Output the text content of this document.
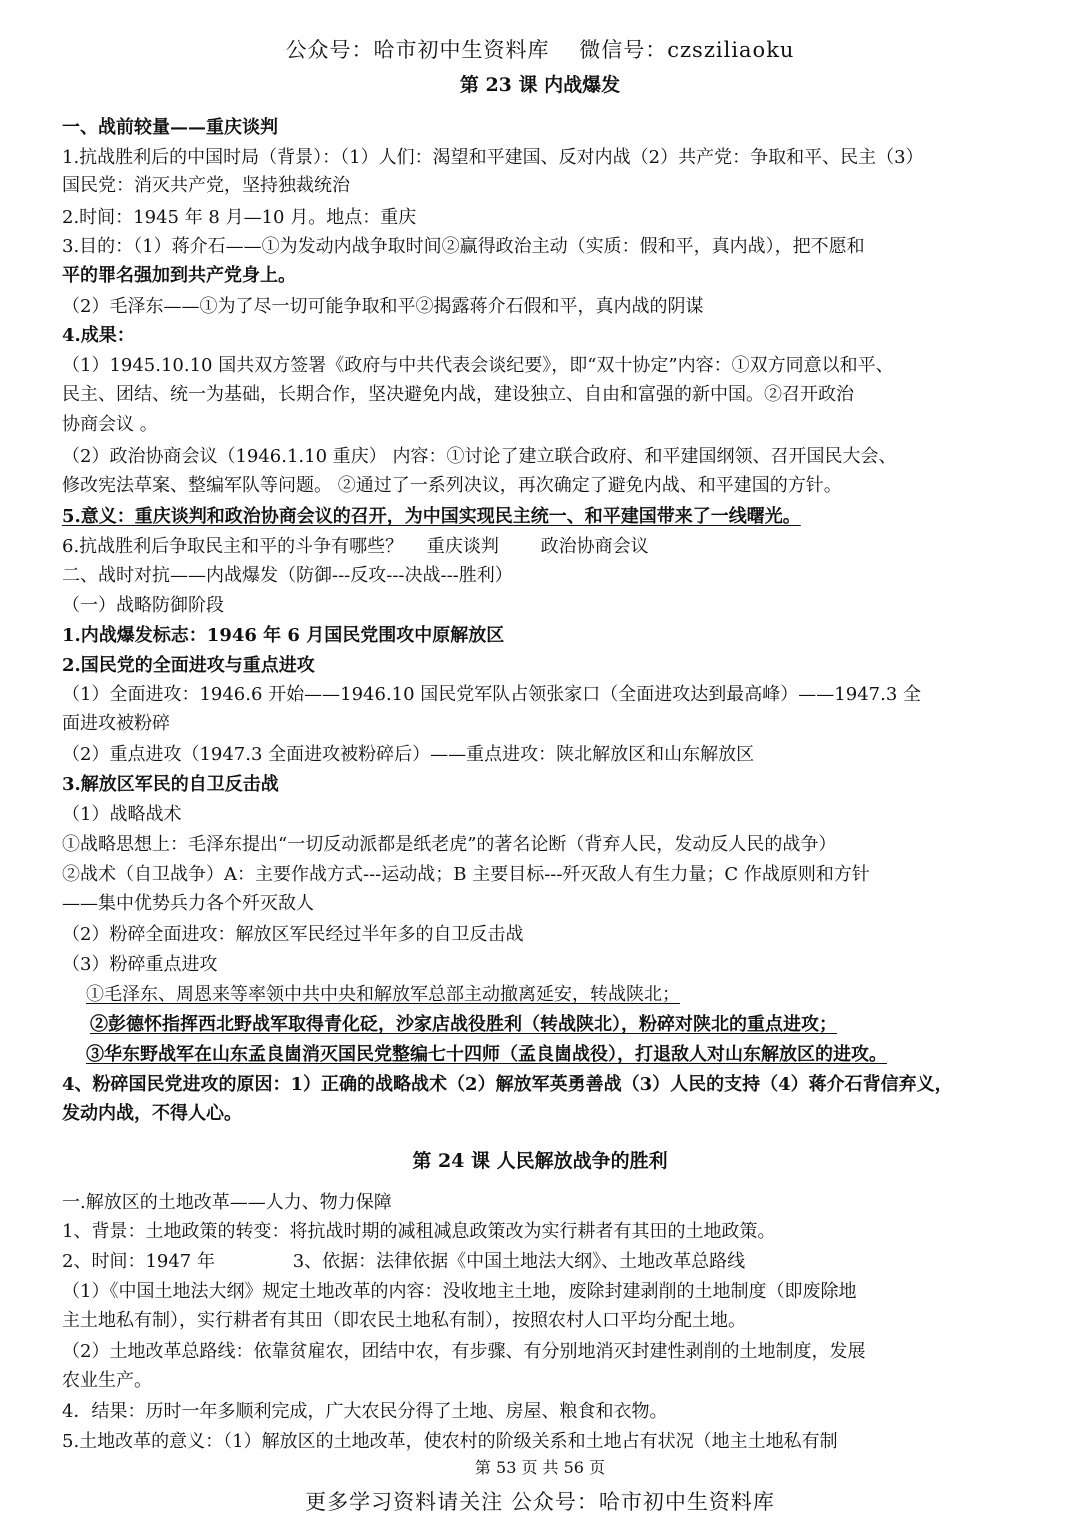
公众号：哈市初中生资料库　 微信号：czsziliaoku
第 23 课 内战爆发
一、战前较量——重庆谈判
1.抗战胜利后的中国时局（背景）：（1）人们：渴望和平建国、反对内战（2）共产党：争取和平、民主（3）
国民党：消灭共产党，坚持独裁统治
2.时间：1945 年 8 月—10 月。地点：重庆
3.目的：（1）蒋介石——①为发动内战争取时间②赢得政治主动（实质：假和平，真内战），把不愿和
平的罪名强加到共产党身上。
（2）毛泽东——①为了尽一切可能争取和平②揭露蒋介石假和平，真内战的阴谋
4.成果：
（1）1945.10.10 国共双方签署《政府与中共代表会谈纪要》，即“双十协定”内容：①双方同意以和平、
民主、团结、统一为基础，长期合作，坚决避免内战，建设独立、自由和富强的新中国。②召开政治
协商会议 。
（2）政治协商会议（1946.1.10 重庆） 内容：①讨论了建立联合政府、和平建国纲领、召开国民大会、
修改宪法草案、整编军队等问题。 ②通过了一系列决议，再次确定了避免内战、和平建国的方针。
5.意义：重庆谈判和政治协商会议的召开，为中国实现民主统一、和平建国带来了一线曙光。
6.抗战胜利后争取民主和平的斗争有哪些？　 重庆谈判　　 政治协商会议
二、战时对抗——内战爆发（防御---反攻---决战---胜利）
（一）战略防御阶段
1.内战爆发标志：1946 年 6 月国民党围攻中原解放区
2.国民党的全面进攻与重点进攻
（1）全面进攻：1946.6 开始——1946.10 国民党军队占领张家口（全面进攻达到最高峰）——1947.3 全
面进攻被粉碎
（2）重点进攻（1947.3 全面进攻被粉碎后）——重点进攻：陕北解放区和山东解放区
3.解放区军民的自卫反击战
（1）战略战术
①战略思想上：毛泽东提出“一切反动派都是纸老虎”的著名论断（背弃人民，发动反人民的战争）
②战术（自卫战争）A：主要作战方式---运动战；B 主要目标---歼灭敌人有生力量；C 作战原则和方针
——集中优势兵力各个歼灭敌人
（2）粉碎全面进攻：解放区军民经过半年多的自卫反击战
（3）粉碎重点进攻
①毛泽东、周恩来等率领中共中央和解放军总部主动撤离延安，转战陕北；
②彭德怀指挥西北野战军取得青化砭，沙家店战役胜利（转战陕北），粉碎对陕北的重点进攻；
③华东野战军在山东孟良崮消灭国民党整编七十四师（孟良崮战役），打退敌人对山东解放区的进攻。
4、粉碎国民党进攻的原因：1）正确的战略战术（2）解放军英勇善战（3）人民的支持（4）蒋介石背信弃义，
发动内战，不得人心。
第 24 课 人民解放战争的胜利
一.解放区的土地改革——人力、物力保障
1、背景：土地政策的转变：将抗战时期的减租减息政策改为实行耕者有其田的土地政策。
2、时间：1947 年　　　　 3、依据：法律依据《中国土地法大纲》、土地改革总路线
（1）《中国土地法大纲》规定土地改革的内容：没收地主土地，废除封建剥削的土地制度（即废除地
主土地私有制），实行耕者有其田（即农民土地私有制），按照农村人口平均分配土地。
（2）土地改革总路线：依靠贫雇农，团结中农，有步骤、有分别地消灭封建性剥削的土地制度，发展
农业生产。
4．结果：历时一年多顺利完成，广大农民分得了土地、房屋、粮食和衣物。
5.土地改革的意义：（1）解放区的土地改革，使农村的阶级关系和土地占有状况（地主土地私有制
第 53 页 共 56 页
更多学习资料请关注 公众号：哈市初中生资料库
